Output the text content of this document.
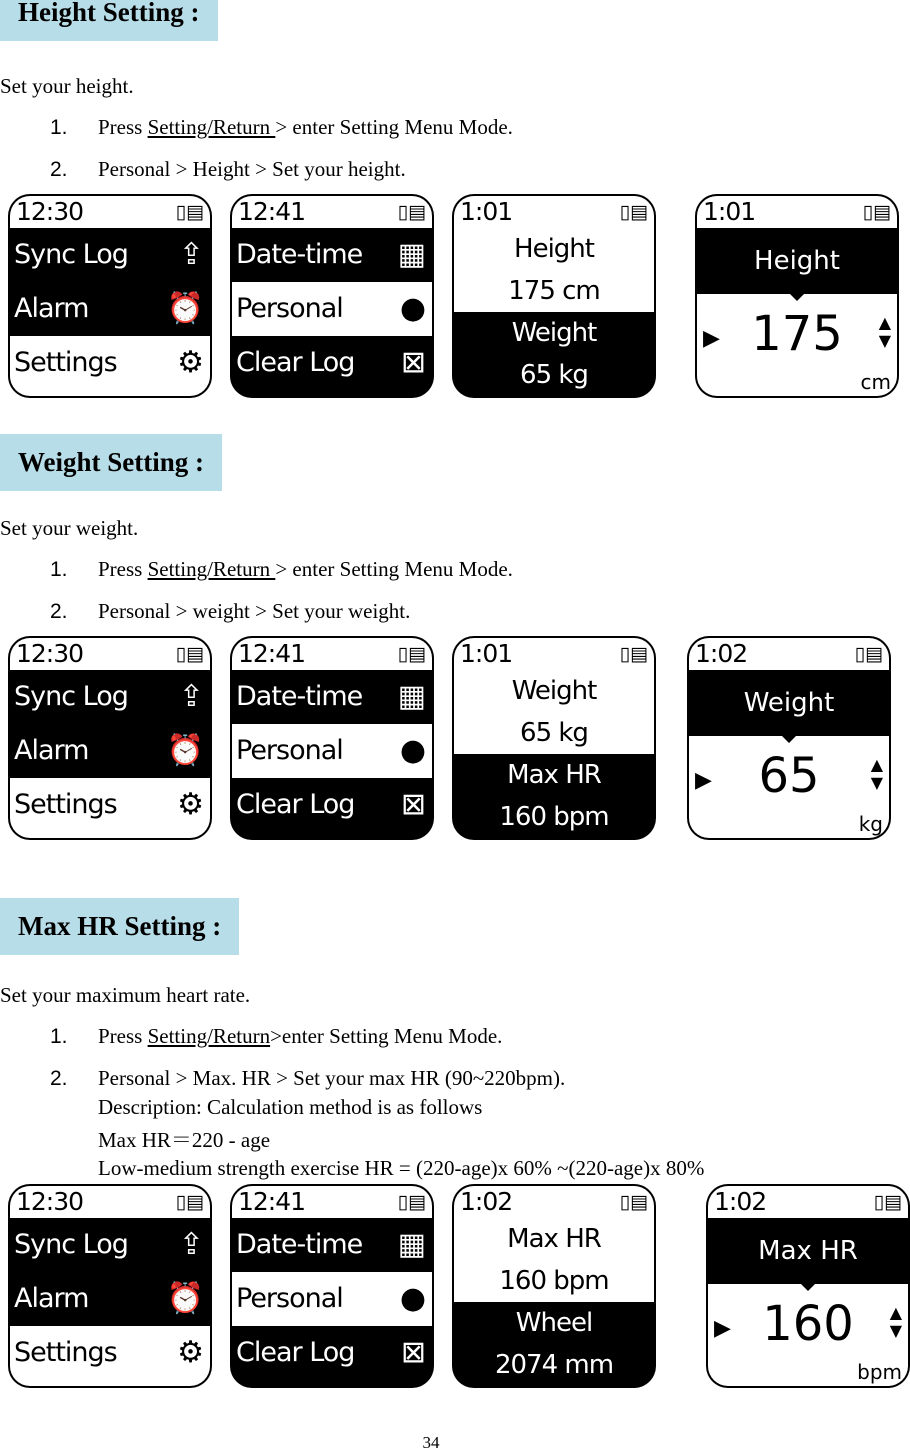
Height Setting :
Set your height.
1. Press Setting/Return > enter Setting Menu Mode.
2. Personal > Height > Set your height.
12:30	▯▤
Sync Log ⇪
Alarm	⏰
Settings ⚙
12:41	▯▤
Date-time ▦
Personal ●
Clear Log ⊠
1:01	▯▤
Height
175 cm
Weight
65 kg
1:01	▯▤
Height
▶ 175	▲
▼
cm
Weight Setting :
Set your weight.
1. Press Setting/Return > enter Setting Menu Mode.
2. Personal > weight > Set your weight.
12:30	▯▤
Sync Log ⇪
Alarm	⏰
Settings ⚙
12:41	▯▤
Date-time ▦
Personal ●
Clear Log ⊠
1:01	▯▤
Weight
65 kg
Max HR
160 bpm
1:02	▯▤
Weight
▶ 65	▲
▼
kg
Max HR Setting :
Set your maximum heart rate.
1. Press Setting/Return>enter Setting Menu Mode.
2. Personal > Max. HR > Set your max HR (90~220bpm).
Description: Calculation method is as follows
Max HR＝220 - age
Low-medium strength exercise HR = (220-age)x 60% ~(220-age)x 80%
12:30	▯▤
Sync Log ⇪
Alarm	⏰
Settings ⚙
12:41	▯▤
Date-time ▦
Personal ●
Clear Log ⊠
1:02	▯▤
Max HR
160 bpm
Wheel
2074 mm
1:02	▯▤
Max HR
▶ 160	▲
▼
bpm
34
